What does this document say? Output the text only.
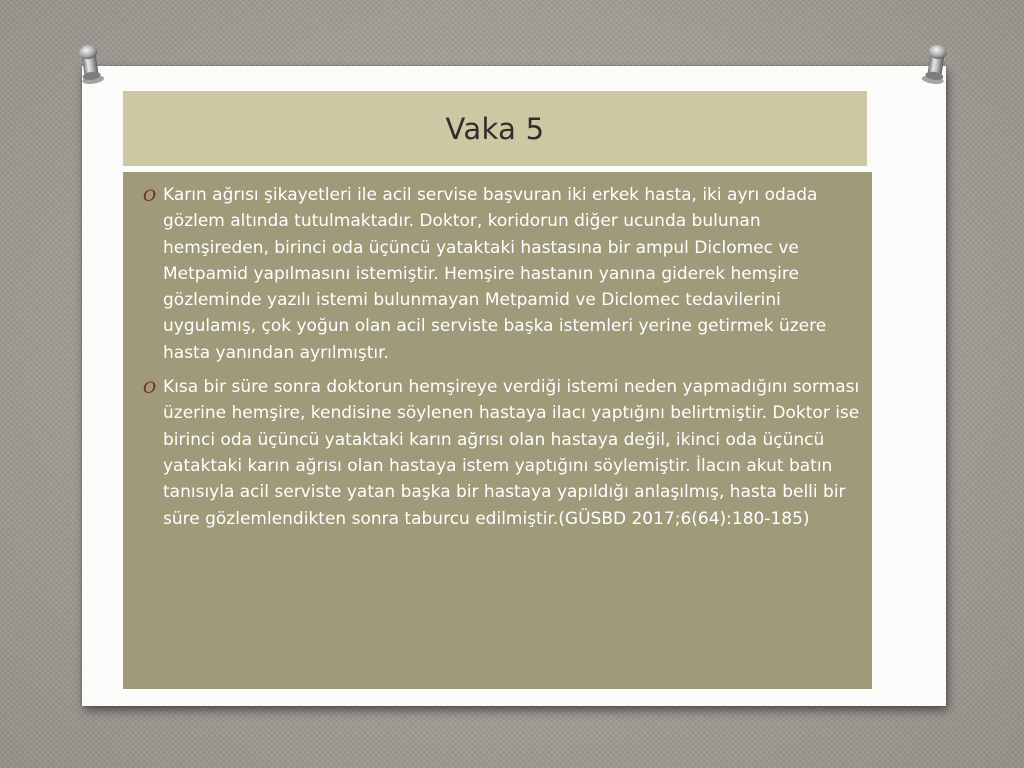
Vaka 5
O Karın ağrısı şikayetleri ile acil servise başvuran iki erkek hasta, iki ayrı odada gözlem altında tutulmaktadır. Doktor, koridorun diğer ucunda bulunan hemşireden, birinci oda üçüncü yataktaki hastasına bir ampul Diclomec ve Metpamid yapılmasını istemiştir. Hemşire hastanın yanına giderek hemşire gözleminde yazılı istemi bulunmayan Metpamid ve Diclomec tedavilerini uygulamış, çok yoğun olan acil serviste başka istemleri yerine getirmek üzere hasta yanından ayrılmıştır.
O Kısa bir süre sonra doktorun hemşireye verdiği istemi neden yapmadığını sorması üzerine hemşire, kendisine söylenen hastaya ilacı yaptığını belirtmiştir. Doktor ise birinci oda üçüncü yataktaki karın ağrısı olan hastaya değil, ikinci oda üçüncü yataktaki karın ağrısı olan hastaya istem yaptığını söylemiştir. İlacın akut batın tanısıyla acil serviste yatan başka bir hastaya yapıldığı anlaşılmış, hasta belli bir süre gözlemlendikten sonra taburcu edilmiştir.(GÜSBD 2017;6(64):180-185)
